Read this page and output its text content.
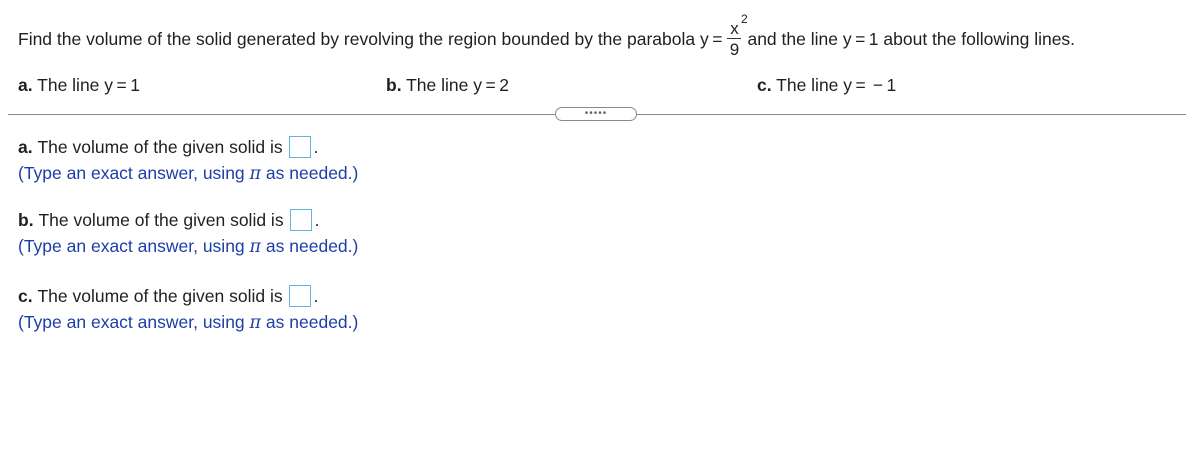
Find the volume of the solid generated by revolving the region bounded by the parabola $y = \frac{x 2}{9}$ and the line y = 1 about the following lines.
a. The line y = 1	b. The line y = 2	c. The line y =  − 1
•••••
a.
The volume of the given solid is .
(Type an exact answer, using π as needed.)
b.
The volume of the given solid is .
(Type an exact answer, using π as needed.)
c.
The volume of the given solid is .
(Type an exact answer, using π as needed.)
